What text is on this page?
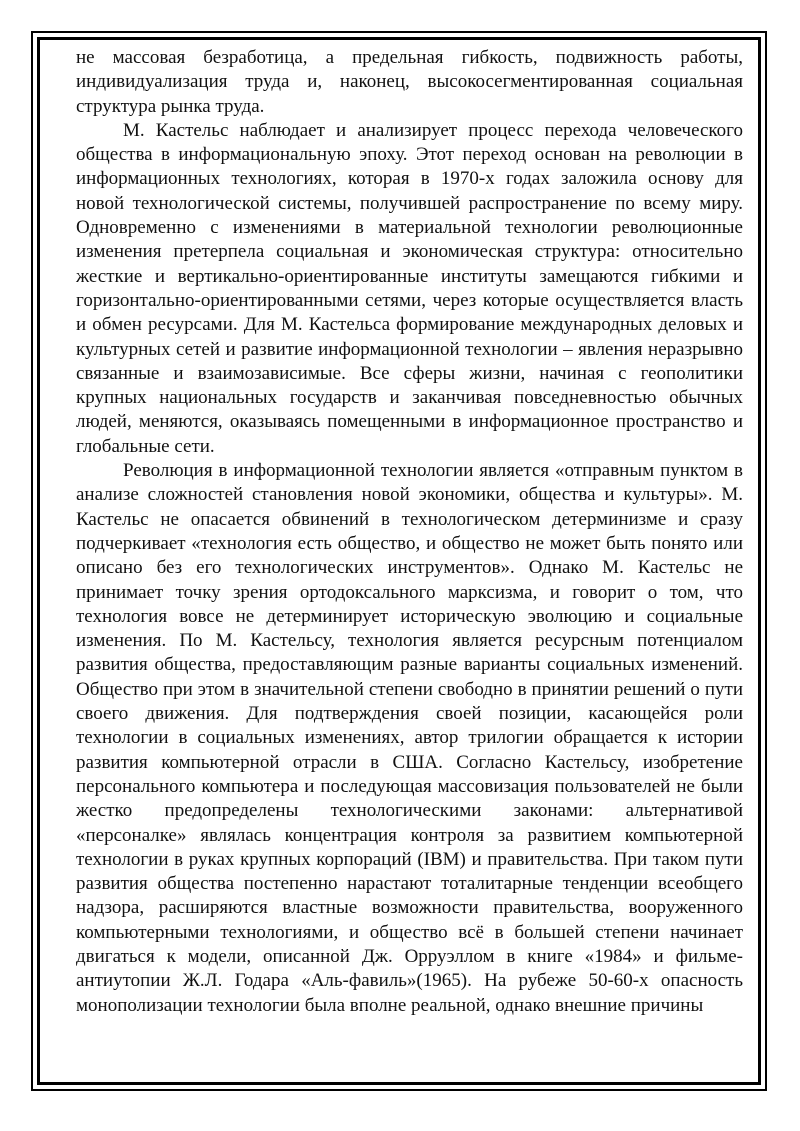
не массовая безработица, а предельная гибкость, подвижность работы, индивидуализация труда и, наконец, высокосегментированная социальная структура рынка труда.

М. Кастельс наблюдает и анализирует процесс перехода человеческого общества в информациональную эпоху. Этот переход основан на революции в информационных технологиях, которая в 1970-х годах заложила основу для новой технологической системы, получившей распространение по всему миру. Одновременно с изменениями в материальной технологии революционные изменения претерпела социальная и экономическая структура: относительно жесткие и вертикально-ориентированные институты замещаются гибкими и горизонтально-ориентированными сетями, через которые осуществляется власть и обмен ресурсами. Для М. Кастельса формирование международных деловых и культурных сетей и развитие информационной технологии – явления неразрывно связанные и взаимозависимые. Все сферы жизни, начиная с геополитики крупных национальных государств и заканчивая повседневностью обычных людей, меняются, оказываясь помещенными в информационное пространство и глобальные сети.

Революция в информационной технологии является «отправным пунктом в анализе сложностей становления новой экономики, общества и культуры». М. Кастельс не опасается обвинений в технологическом детерминизме и сразу подчеркивает «технология есть общество, и общество не может быть понято или описано без его технологических инструментов». Однако М. Кастельс не принимает точку зрения ортодоксального марксизма, и говорит о том, что технология вовсе не детерминирует историческую эволюцию и социальные изменения. По М. Кастельсу, технология является ресурсным потенциалом развития общества, предоставляющим разные варианты социальных изменений. Общество при этом в значительной степени свободно в принятии решений о пути своего движения. Для подтверждения своей позиции, касающейся роли технологии в социальных изменениях, автор трилогии обращается к истории развития компьютерной отрасли в США. Согласно Кастельсу, изобретение персонального компьютера и последующая массовизация пользователей не были жестко предопределены технологическими законами: альтернативой «персоналке» являлась концентрация контроля за развитием компьютерной технологии в руках крупных корпораций (IBM) и правительства. При таком пути развития общества постепенно нарастают тоталитарные тенденции всеобщего надзора, расширяются властные возможности правительства, вооруженного компьютерными технологиями, и общество всё в большей степени начинает двигаться к модели, описанной Дж. Орруэллом в книге «1984» и фильме-антиутопии Ж.Л. Годара «Аль-фавиль»(1965). На рубеже 50-60-х опасность монополизации технологии была вполне реальной, однако внешние причины
